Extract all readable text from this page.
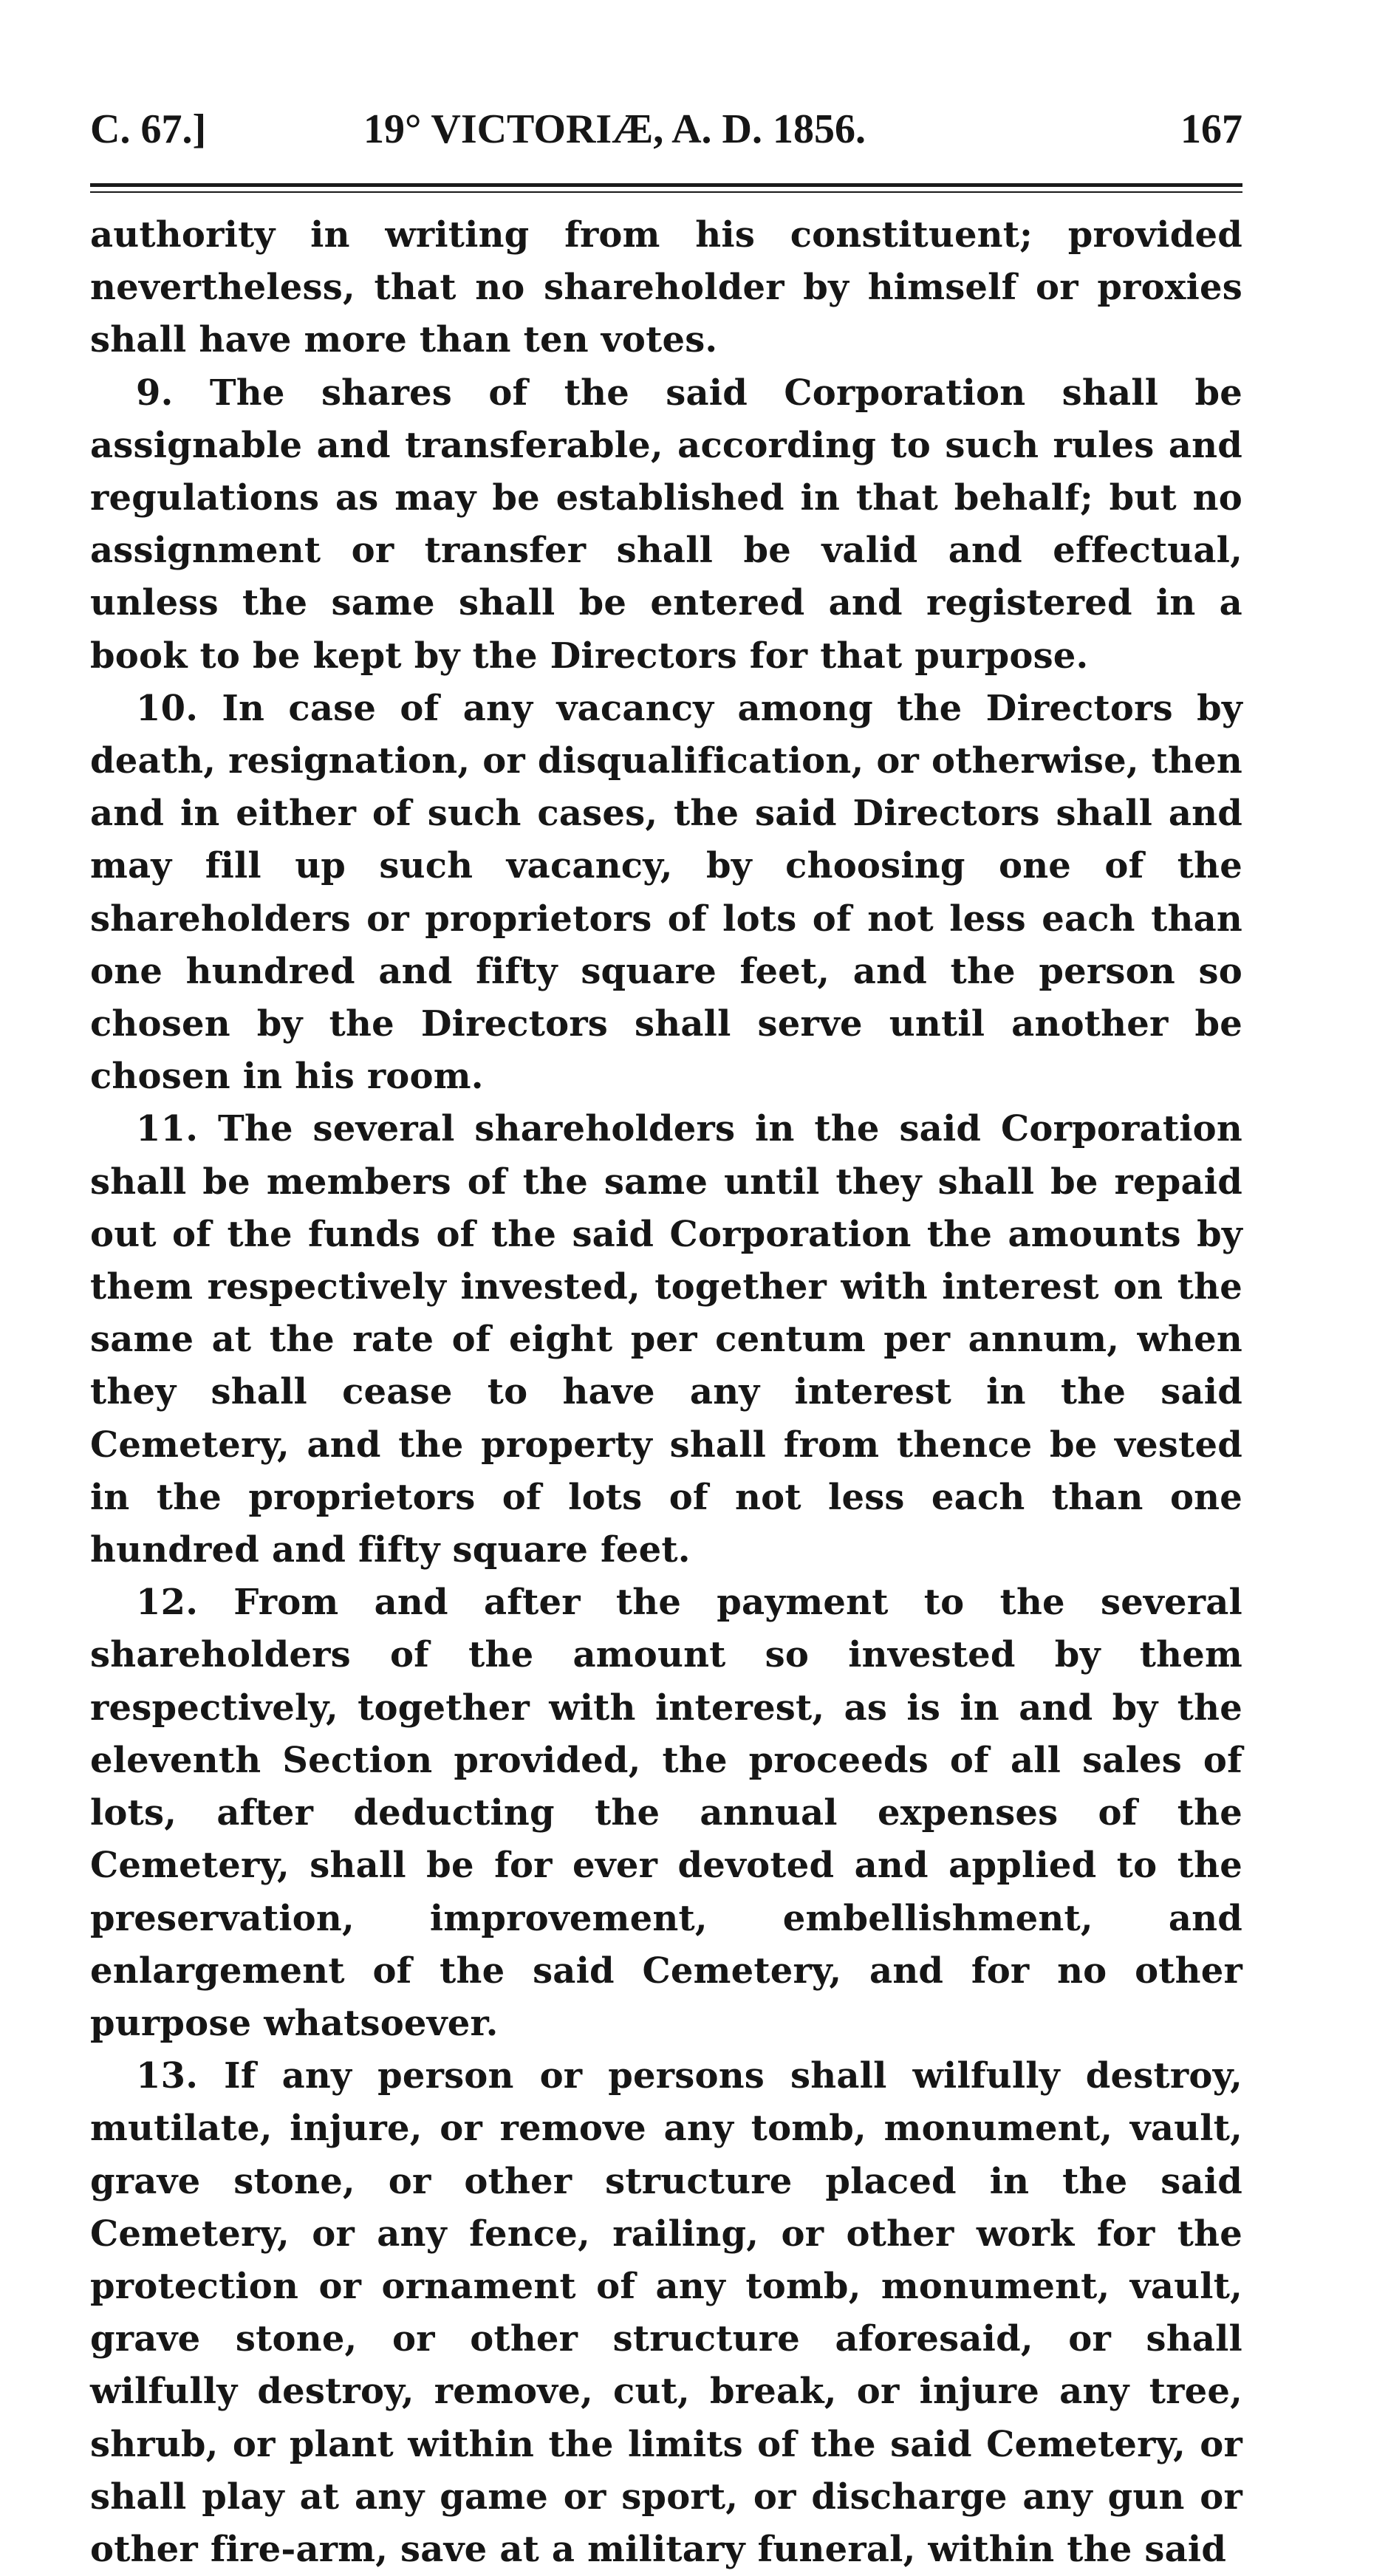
C. 67.]	19° VICTORIÆ, A. D. 1856.	167

authority in writing from his constituent; provided nevertheless, that no shareholder by himself or proxies shall have more than ten votes.

9. The shares of the said Corporation shall be assignable and transferable, according to such rules and regulations as may be established in that behalf; but no assignment or transfer shall be valid and effectual, unless the same shall be entered and registered in a book to be kept by the Directors for that purpose.

10. In case of any vacancy among the Directors by death, resignation, or disqualification, or otherwise, then and in either of such cases, the said Directors shall and may fill up such vacancy, by choosing one of the shareholders or proprietors of lots of not less each than one hundred and fifty square feet, and the person so chosen by the Directors shall serve until another be chosen in his room.

11. The several shareholders in the said Corporation shall be members of the same until they shall be repaid out of the funds of the said Corporation the amounts by them respectively invested, together with interest on the same at the rate of eight per centum per annum, when they shall cease to have any interest in the said Cemetery, and the property shall from thence be vested in the proprietors of lots of not less each than one hundred and fifty square feet.

12. From and after the payment to the several shareholders of the amount so invested by them respectively, together with interest, as is in and by the eleventh Section provided, the proceeds of all sales of lots, after deducting the annual expenses of the Cemetery, shall be for ever devoted and applied to the preservation, improvement, embellishment, and enlargement of the said Cemetery, and for no other purpose whatsoever.

13. If any person or persons shall wilfully destroy, mutilate, injure, or remove any tomb, monument, vault, grave stone, or other structure placed in the said Cemetery, or any fence, railing, or other work for the protection or ornament of any tomb, monument, vault, grave stone, or other structure aforesaid, or shall wilfully destroy, remove, cut, break, or injure any tree, shrub, or plant within the limits of the said Cemetery, or shall play at any game or sport, or discharge any gun or other fire-arm, save at a military funeral, within the said
